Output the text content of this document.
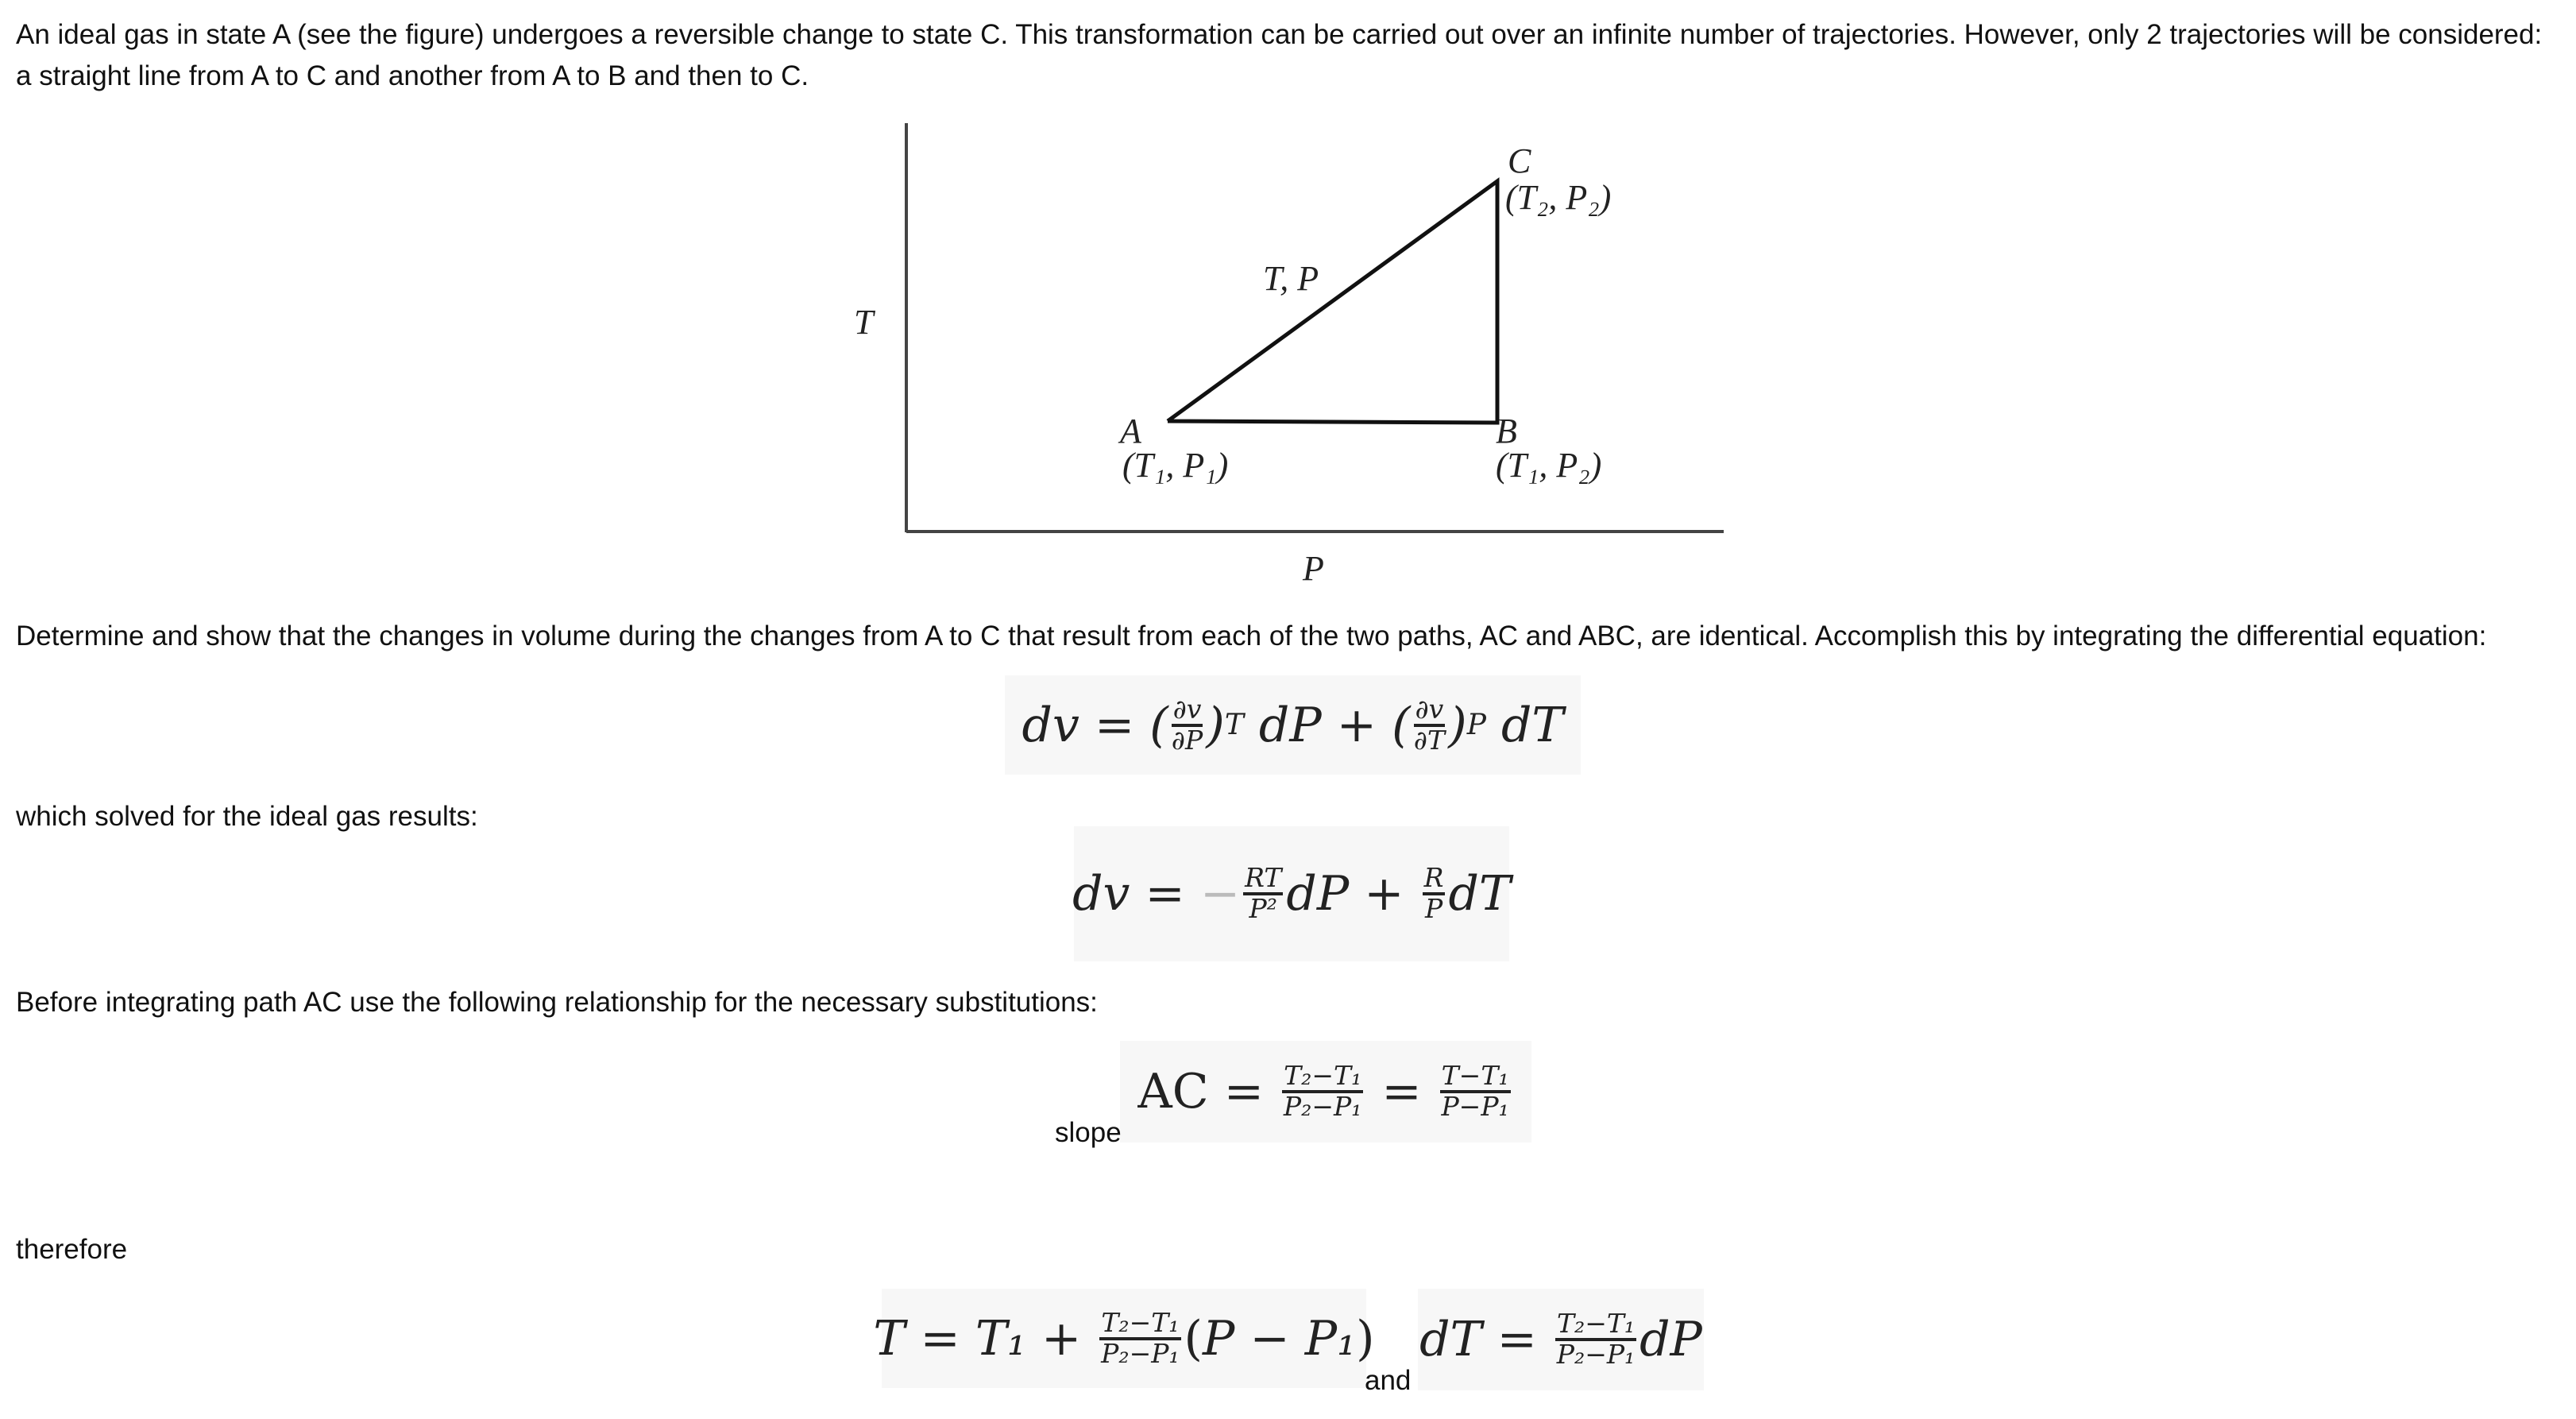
An ideal gas in state A (see the figure) undergoes a reversible change to state C. This transformation can be carried out over an infinite number of trajectories. However, only 2 trajectories will be considered:
a straight line from A to C and another from A to B and then to C.
T
P
T, P
A
(T₁, P₁)
B
(T₁, P₂)
C
(T₂, P₂)
Determine and show that the changes in volume during the changes from A to C that result from each of the two paths, AC and ABC, are identical. Accomplish this by integrating the differential equation:
dv = ( $\frac{\partial v}{\partial P}$ ) T dP + ( $\frac{\partial v}{\partial T}$ ) P dT
which solved for the ideal gas results:
dv =
− $\frac{RT}{\text{P²}}$ dP +
$\frac{R}{P}$ dT
Before integrating path AC use the following relationship for the necessary substitutions:
AC =
$\frac{\text{T₂−T₁}}{\text{P₂−P₁}}$
=
$\frac{\text{T−T₁}}{\text{P−P₁}}$
slope
therefore
T = T₁ +
$\frac{\text{T₂−T₁}}{\text{P₂−P₁}}$ ( P − P₁ )
and
dT =
$\frac{\text{T₂−T₁}}{\text{P₂−P₁}}$ dP
